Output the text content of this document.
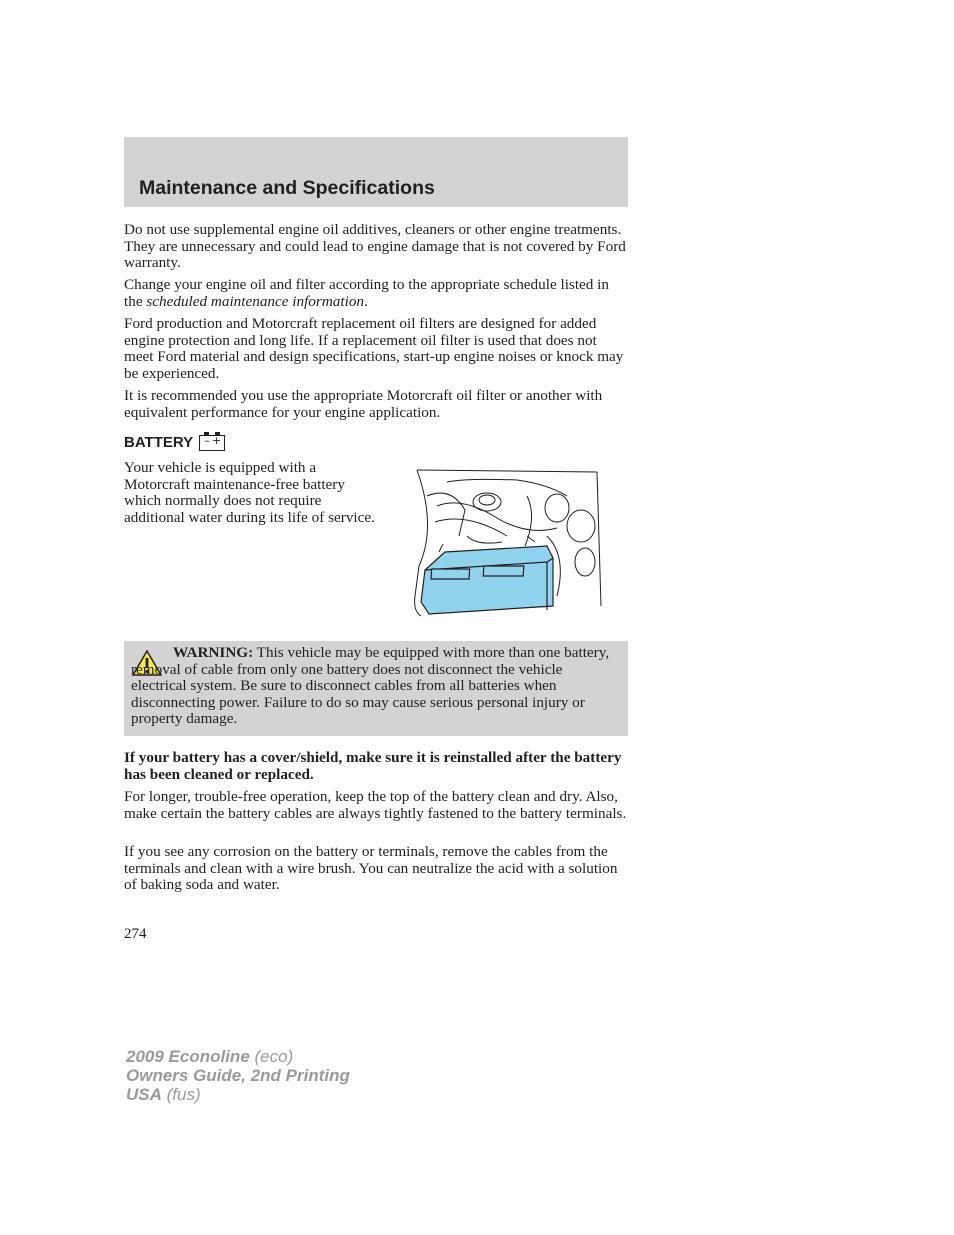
Maintenance and Specifications

Do not use supplemental engine oil additives, cleaners or other engine treatments. They are unnecessary and could lead to engine damage that is not covered by Ford warranty.

Change your engine oil and filter according to the appropriate schedule listed in the scheduled maintenance information.

Ford production and Motorcraft replacement oil filters are designed for added engine protection and long life. If a replacement oil filter is used that does not meet Ford material and design specifications, start-up engine noises or knock may be experienced.

It is recommended you use the appropriate Motorcraft oil filter or another with equivalent performance for your engine application.

BATTERY – +

Your vehicle is equipped with a Motorcraft maintenance-free battery which normally does not require additional water during its life of service.

WARNING: This vehicle may be equipped with more than one battery, removal of cable from only one battery does not disconnect the vehicle electrical system. Be sure to disconnect cables from all batteries when disconnecting power. Failure to do so may cause serious personal injury or property damage.

If your battery has a cover/shield, make sure it is reinstalled after the battery has been cleaned or replaced.

For longer, trouble-free operation, keep the top of the battery clean and dry. Also, make certain the battery cables are always tightly fastened to the battery terminals.

If you see any corrosion on the battery or terminals, remove the cables from the terminals and clean with a wire brush. You can neutralize the acid with a solution of baking soda and water.

274
2009 Econoline (eco)
Owners Guide, 2nd Printing
USA (fus)
